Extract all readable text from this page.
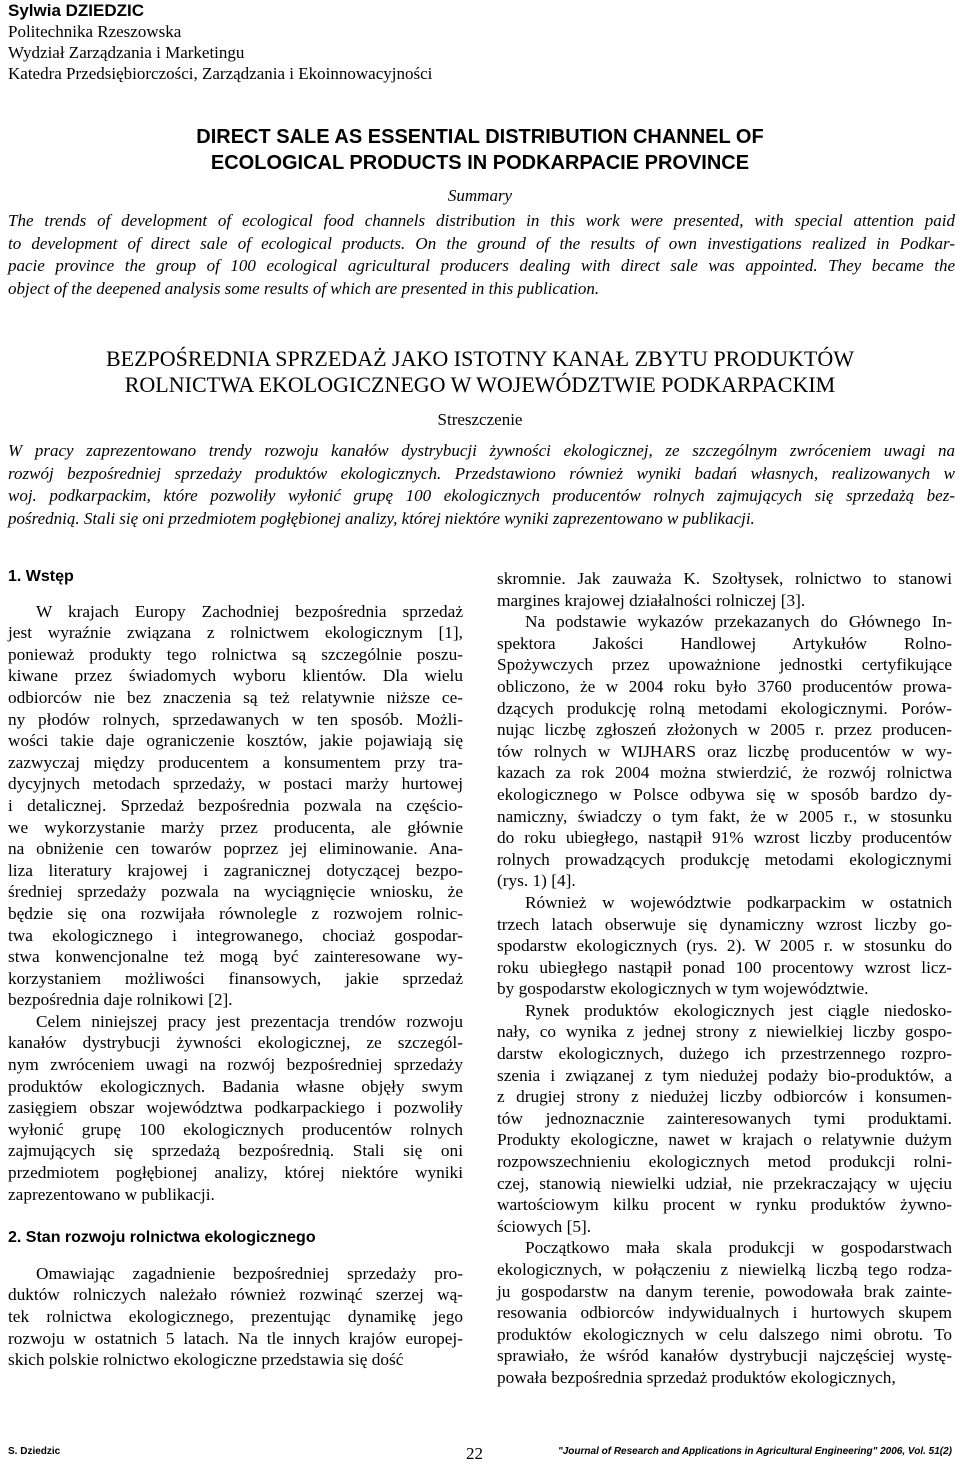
Sylwia DZIEDZIC
Politechnika Rzeszowska
Wydział Zarządzania i Marketingu
Katedra Przedsiębiorczości, Zarządzania i Ekoinnowacyjności
DIRECT SALE AS ESSENTIAL DISTRIBUTION CHANNEL OF
ECOLOGICAL PRODUCTS IN PODKARPACIE PROVINCE
Summary
The trends of development of ecological food channels distribution in this work were presented, with special attention paid
to development of direct sale of ecological products. On the ground of the results of own investigations realized in Podkar-
pacie province the group of 100 ecological agricultural producers dealing with direct sale was appointed. They became the
object of the deepened analysis some results of which are presented in this publication.
BEZPOŚREDNIA SPRZEDAŻ JAKO ISTOTNY KANAŁ ZBYTU PRODUKTÓW
ROLNICTWA EKOLOGICZNEGO W WOJEWÓDZTWIE PODKARPACKIM
Streszczenie
W pracy zaprezentowano trendy rozwoju kanałów dystrybucji żywności ekologicznej, ze szczególnym zwróceniem uwagi na
rozwój bezpośredniej sprzedaży produktów ekologicznych. Przedstawiono również wyniki badań własnych, realizowanych w
woj. podkarpackim, które pozwoliły wyłonić grupę 100 ekologicznych producentów rolnych zajmujących się sprzedażą bez-
pośrednią. Stali się oni przedmiotem pogłębionej analizy, której niektóre wyniki zaprezentowano w publikacji.
1. Wstęp
W krajach Europy Zachodniej bezpośrednia sprzedaż
jest wyraźnie związana z rolnictwem ekologicznym [1],
ponieważ produkty tego rolnictwa są szczególnie poszu-
kiwane przez świadomych wyboru klientów. Dla wielu
odbiorców nie bez znaczenia są też relatywnie niższe ce-
ny płodów rolnych, sprzedawanych w ten sposób. Możli-
wości takie daje ograniczenie kosztów, jakie pojawiają się
zazwyczaj między producentem a konsumentem przy tra-
dycyjnych metodach sprzedaży, w postaci marży hurtowej
i detalicznej. Sprzedaż bezpośrednia pozwala na częścio-
we wykorzystanie marży przez producenta, ale głównie
na obniżenie cen towarów poprzez jej eliminowanie. Ana-
liza literatury krajowej i zagranicznej dotyczącej bezpo-
średniej sprzedaży pozwala na wyciągnięcie wniosku, że
będzie się ona rozwijała równolegle z rozwojem rolnic-
twa ekologicznego i integrowanego, chociaż gospodar-
stwa konwencjonalne też mogą być zainteresowane wy-
korzystaniem możliwości finansowych, jakie sprzedaż
bezpośrednia daje rolnikowi [2].
Celem niniejszej pracy jest prezentacja trendów rozwoju
kanałów dystrybucji żywności ekologicznej, ze szczegól-
nym zwróceniem uwagi na rozwój bezpośredniej sprzedaży
produktów ekologicznych. Badania własne objęły swym
zasięgiem obszar województwa podkarpackiego i pozwoliły
wyłonić grupę 100 ekologicznych producentów rolnych
zajmujących się sprzedażą bezpośrednią. Stali się oni
przedmiotem pogłębionej analizy, której niektóre wyniki
zaprezentowano w publikacji.
2. Stan rozwoju rolnictwa ekologicznego
Omawiając zagadnienie bezpośredniej sprzedaży pro-
duktów rolniczych należało również rozwinąć szerzej wą-
tek rolnictwa ekologicznego, prezentując dynamikę jego
rozwoju w ostatnich 5 latach. Na tle innych krajów europej-
skich polskie rolnictwo ekologiczne przedstawia się dość
skromnie. Jak zauważa K. Szołtysek, rolnictwo to stanowi
margines krajowej działalności rolniczej [3].
Na podstawie wykazów przekazanych do Głównego In-
spektora Jakości Handlowej Artykułów Rolno-
Spożywczych przez upoważnione jednostki certyfikujące
obliczono, że w 2004 roku było 3760 producentów prowa-
dzących produkcję rolną metodami ekologicznymi. Porów-
nując liczbę zgłoszeń złożonych w 2005 r. przez producen-
tów rolnych w WIJHARS oraz liczbę producentów w wy-
kazach za rok 2004 można stwierdzić, że rozwój rolnictwa
ekologicznego w Polsce odbywa się w sposób bardzo dy-
namiczny, świadczy o tym fakt, że w 2005 r., w stosunku
do roku ubiegłego, nastąpił 91% wzrost liczby producentów
rolnych prowadzących produkcję metodami ekologicznymi
(rys. 1) [4].
Również w województwie podkarpackim w ostatnich
trzech latach obserwuje się dynamiczny wzrost liczby go-
spodarstw ekologicznych (rys. 2). W 2005 r. w stosunku do
roku ubiegłego nastąpił ponad 100 procentowy wzrost licz-
by gospodarstw ekologicznych w tym województwie.
Rynek produktów ekologicznych jest ciągle niedosko-
nały, co wynika z jednej strony z niewielkiej liczby gospo-
darstw ekologicznych, dużego ich przestrzennego rozpro-
szenia i związanej z tym niedużej podaży bio-produktów, a
z drugiej strony z niedużej liczby odbiorców i konsumen-
tów jednoznacznie zainteresowanych tymi produktami.
Produkty ekologiczne, nawet w krajach o relatywnie dużym
rozpowszechnieniu ekologicznych metod produkcji rolni-
czej, stanowią niewielki udział, nie przekraczający w ujęciu
wartościowym kilku procent w rynku produktów żywno-
ściowych [5].
Początkowo mała skala produkcji w gospodarstwach
ekologicznych, w połączeniu z niewielką liczbą tego rodza-
ju gospodarstw na danym terenie, powodowała brak zainte-
resowania odbiorców indywidualnych i hurtowych skupem
produktów ekologicznych w celu dalszego nimi obrotu. To
sprawiało, że wśród kanałów dystrybucji najczęściej wystę-
powała bezpośrednia sprzedaż produktów ekologicznych,
S. Dziedzic	22	"Journal of Research and Applications in Agricultural Engineering" 2006, Vol. 51(2)
